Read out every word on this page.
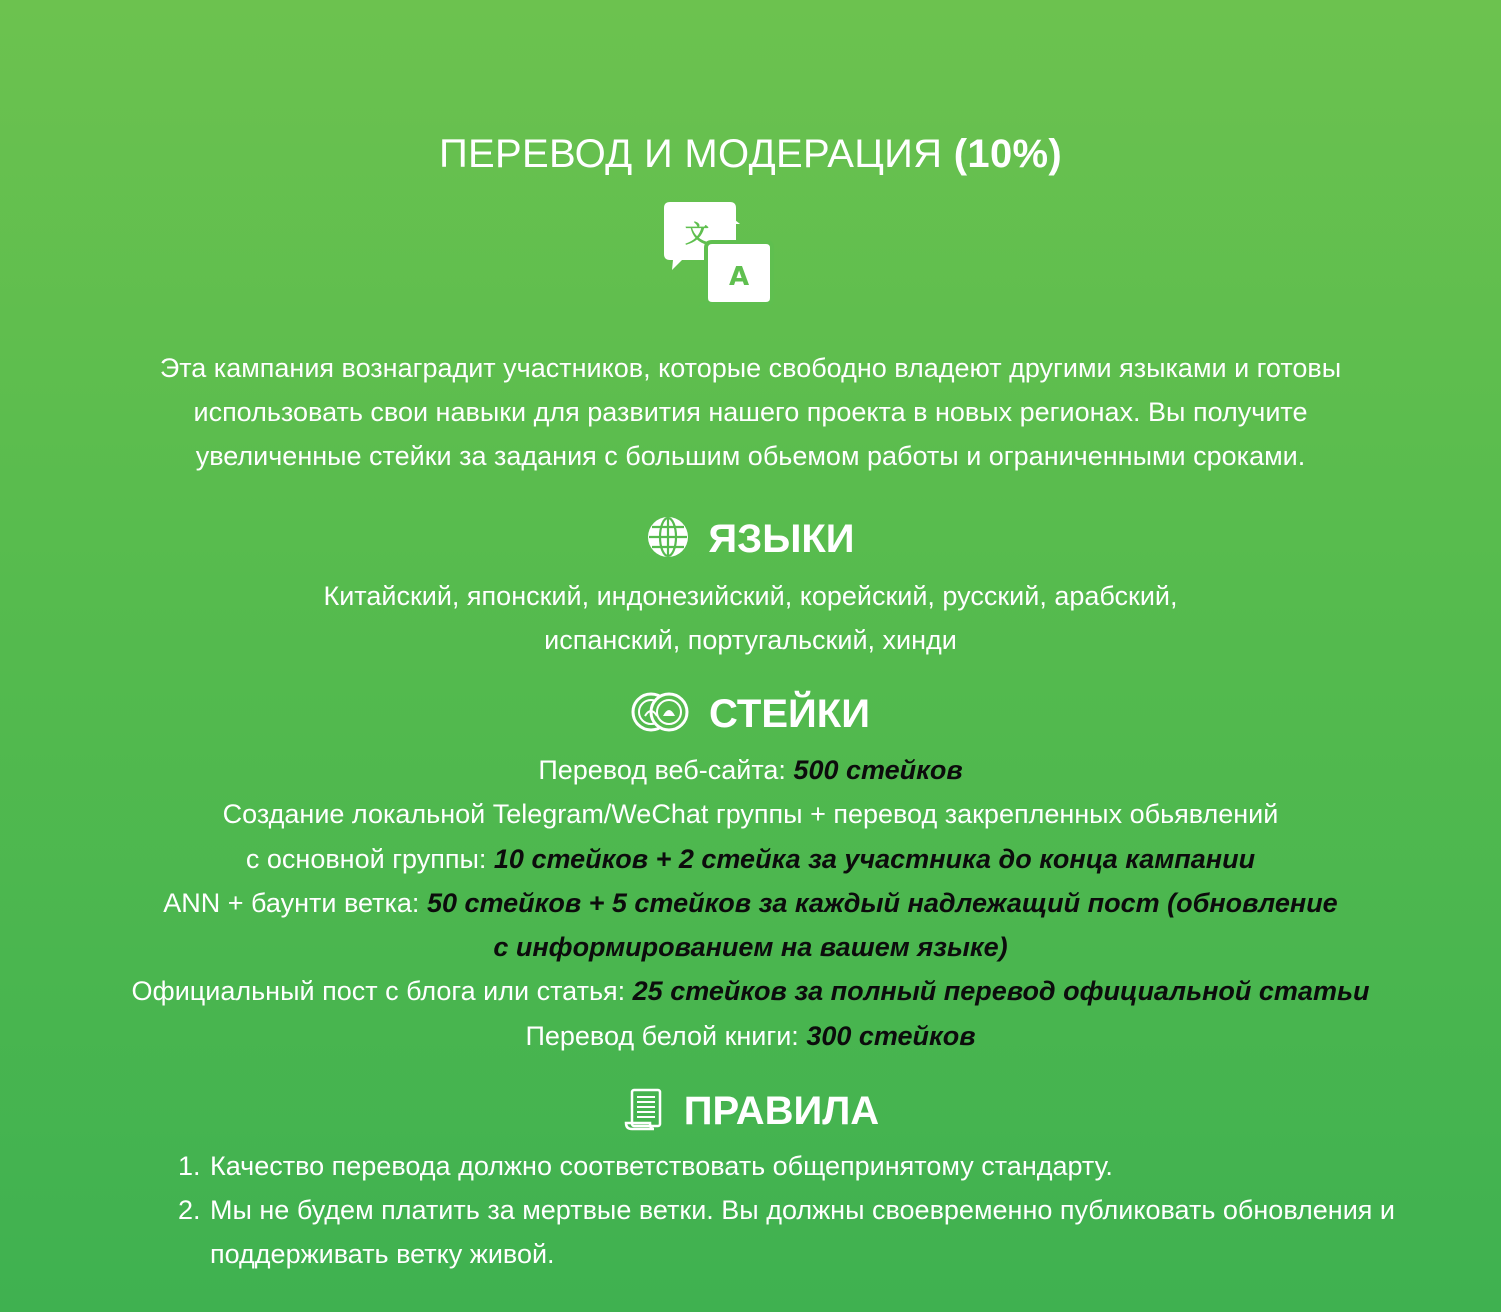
ПЕРЕВОД И МОДЕРАЦИЯ (10%)
文
A
Эта кампания вознаградит участников, которые свободно владеют другими языками и готовы
использовать свои навыки для развития нашего проекта в новых регионах. Вы получите
увеличенные стейки за задания с большим обьемом работы и ограниченными сроками.
ЯЗЫКИ
Китайский, японский, индонезийский, корейский, русский, арабский,
испанский, португальский, хинди
СТЕЙКИ
Перевод веб-сайта: 500 стейков
Создание локальной Telegram/WeChat группы + перевод закрепленных обьявлений
с основной группы: 10 стейков + 2 стейка за участника до конца кампании
ANN + баунти ветка: 50 стейков + 5 стейков за каждый надлежащий пост (обновление
с информированием на вашем языке)
Официальный пост с блога или статья: 25 стейков за полный перевод официальной статьи
Перевод белой книги: 300 стейков
ПРАВИЛА
1. Качество перевода должно соответствовать общепринятому стандарту.
2. Мы не будем платить за мертвые ветки. Вы должны своевременно публиковать обновления и поддерживать ветку живой.
